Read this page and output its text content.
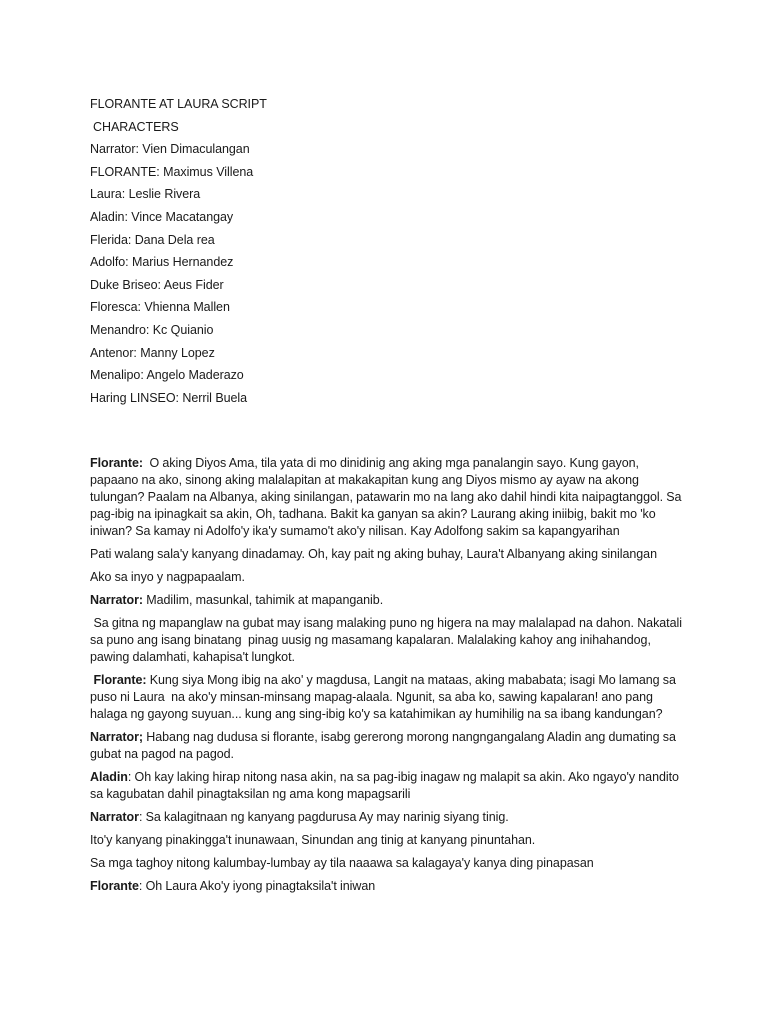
FLORANTE AT LAURA SCRIPT
CHARACTERS
Narrator: Vien Dimaculangan
FLORANTE: Maximus Villena
Laura: Leslie Rivera
Aladin: Vince Macatangay
Flerida: Dana Dela rea
Adolfo: Marius Hernandez
Duke Briseo: Aeus Fider
Floresca: Vhienna Mallen
Menandro: Kc Quianio
Antenor: Manny Lopez
Menalipo: Angelo Maderazo
Haring LINSEO: Nerril Buela

Florante:  O aking Diyos Ama, tila yata di mo dinidinig ang aking mga panalangin sayo. Kung gayon, papaano na ako, sinong aking malalapitan at makakapitan kung ang Diyos mismo ay ayaw na akong tulungan? Paalam na Albanya, aking sinilangan, patawarin mo na lang ako dahil hindi kita naipagtanggol. Sa pag-ibig na ipinagkait sa akin, Oh, tadhana. Bakit ka ganyan sa akin? Laurang aking iniibig, bakit mo 'ko iniwan? Sa kamay ni Adolfo'y ika'y sumamo't ako'y nilisan. Kay Adolfong sakim sa kapangyarihan

Pati walang sala'y kanyang dinadamay. Oh, kay pait ng aking buhay, Laura't Albanyang aking sinilangan

Ako sa inyo y nagpapaalam.

Narrator: Madilim, masunkal, tahimik at mapanganib.

Sa gitna ng mapanglaw na gubat may isang malaking puno ng higera na may malalapad na dahon. Nakatali sa puno ang isang binatang  pinag uusig ng masamang kapalaran. Malalaking kahoy ang inihahandog, pawing dalamhati, kahapisa't lungkot.

Florante: Kung siya Mong ibig na ako' y magdusa, Langit na mataas, aking mababata; isagi Mo lamang sa puso ni Laura  na ako'y minsan-minsang mapag-alaala. Ngunit, sa aba ko, sawing kapalaran! ano pang halaga ng gayong suyuan... kung ang sing-ibig ko'y sa katahimikan ay humihilig na sa ibang kandungan?

Narrator; Habang nag dudusa si florante, isabg gererong morong nangngangalang Aladin ang dumating sa gubat na pagod na pagod.

Aladin: Oh kay laking hirap nitong nasa akin, na sa pag-ibig inagaw ng malapit sa akin. Ako ngayo'y nandito sa kagubatan dahil pinagtaksilan ng ama kong mapagsarili

Narrator: Sa kalagitnaan ng kanyang pagdurusa Ay may narinig siyang tinig.

Ito'y kanyang pinakingga't inunawaan, Sinundan ang tinig at kanyang pinuntahan.

Sa mga taghoy nitong kalumbay-lumbay ay tila naaawa sa kalagaya'y kanya ding pinapasan

Florante: Oh Laura Ako'y iyong pinagtaksila't iniwan
